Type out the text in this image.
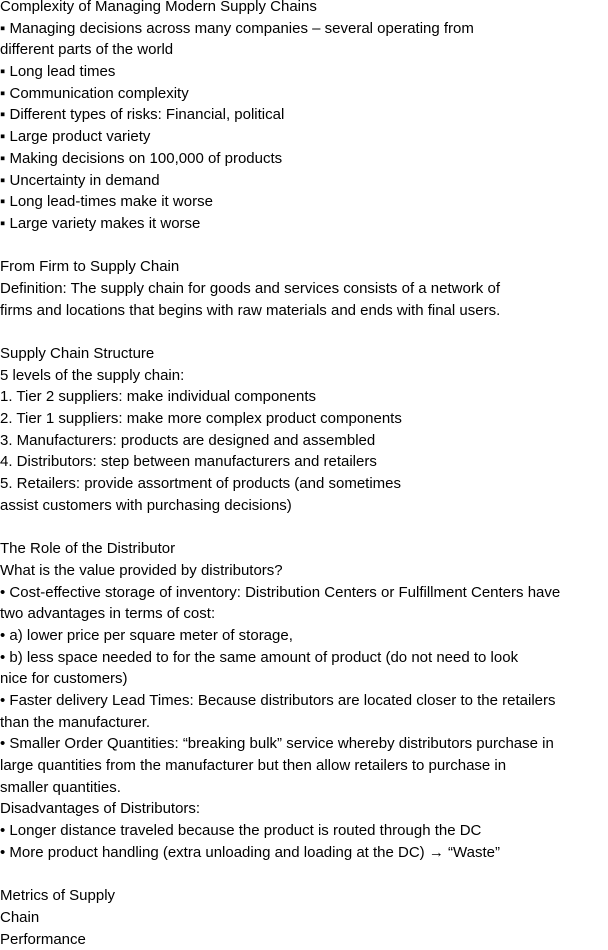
Complexity of Managing Modern Supply Chains
▪ Managing decisions across many companies – several operating from
different parts of the world
▪ Long lead times
▪ Communication complexity
▪ Different types of risks: Financial, political
▪ Large product variety
▪ Making decisions on 100,000 of products
▪ Uncertainty in demand
▪ Long lead-times make it worse
▪ Large variety makes it worse
From Firm to Supply Chain
Definition: The supply chain for goods and services consists of a network of
firms and locations that begins with raw materials and ends with final users.
Supply Chain Structure
5 levels of the supply chain:
1. Tier 2 suppliers: make individual components
2. Tier 1 suppliers: make more complex product components
3. Manufacturers: products are designed and assembled
4. Distributors: step between manufacturers and retailers
5. Retailers: provide assortment of products (and sometimes
assist customers with purchasing decisions)
The Role of the Distributor
What is the value provided by distributors?
• Cost-effective storage of inventory: Distribution Centers or Fulfillment Centers have
two advantages in terms of cost:
• a) lower price per square meter of storage,
• b) less space needed to for the same amount of product (do not need to look
nice for customers)
• Faster delivery Lead Times: Because distributors are located closer to the retailers
than the manufacturer.
• Smaller Order Quantities: “breaking bulk” service whereby distributors purchase in
large quantities from the manufacturer but then allow retailers to purchase in
smaller quantities.
Disadvantages of Distributors:
• Longer distance traveled because the product is routed through the DC
• More product handling (extra unloading and loading at the DC) → “Waste”
Metrics of Supply
Chain
Performance
